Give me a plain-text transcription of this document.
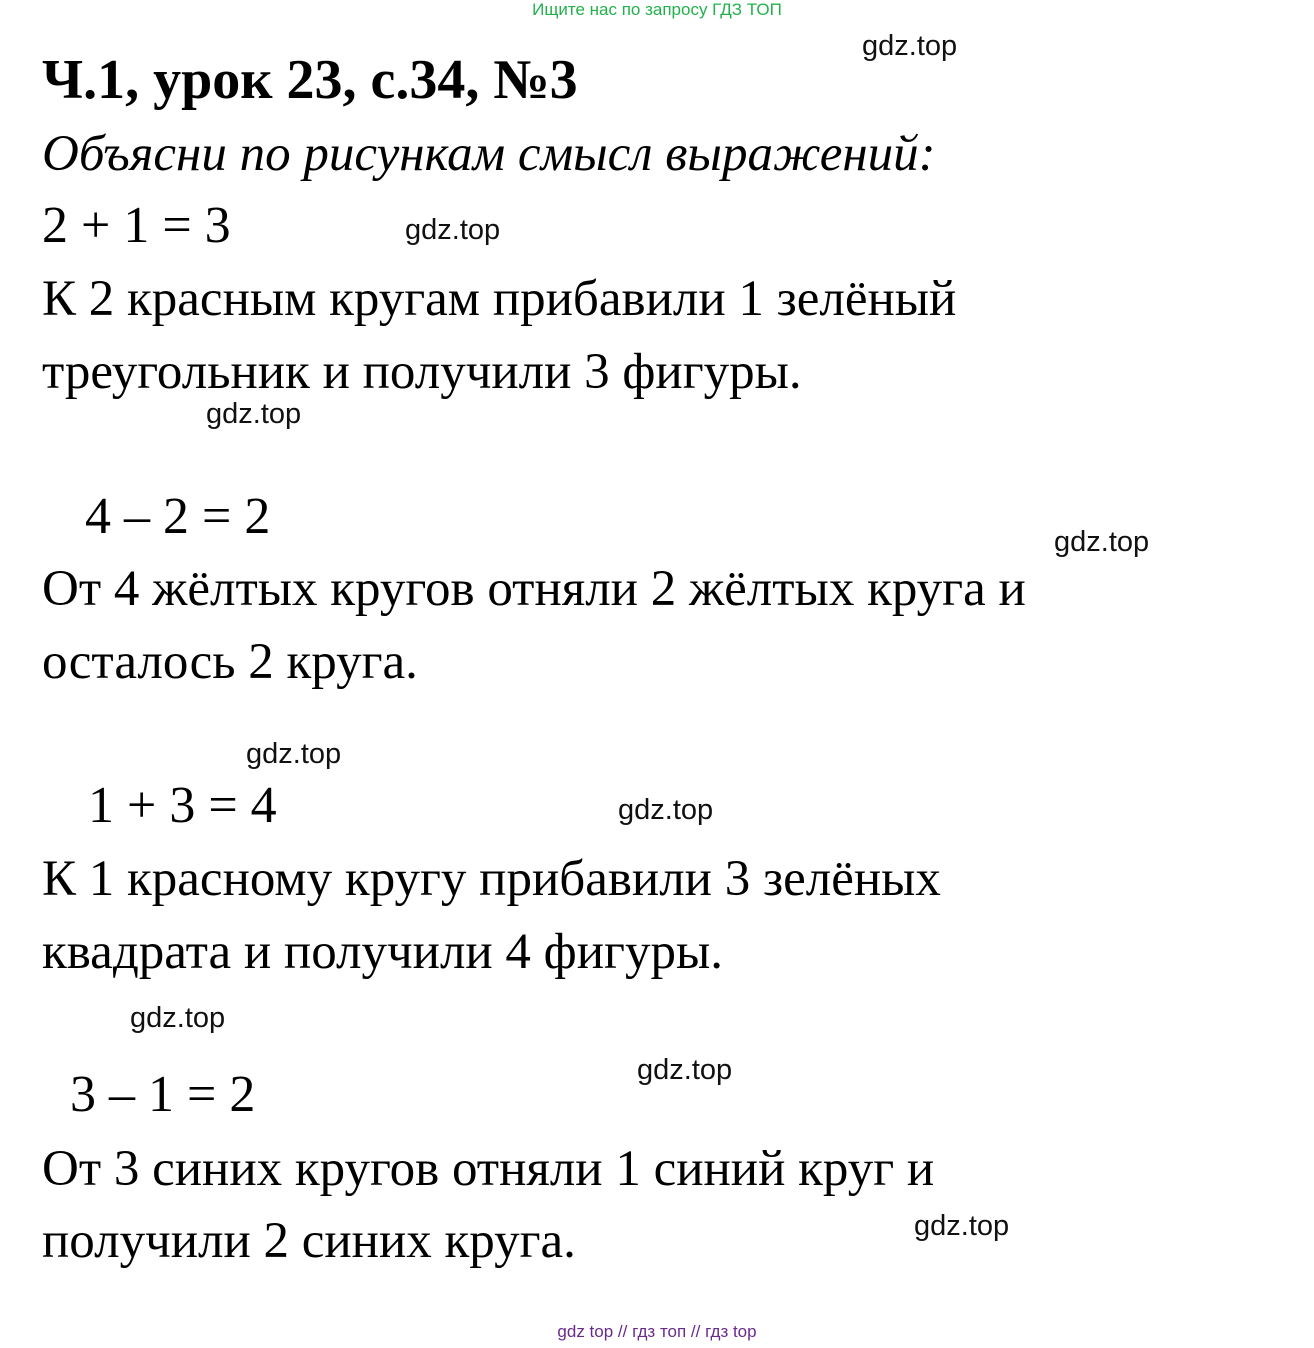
Ищите нас по запросу ГДЗ ТОП
Ч.1, урок 23, с.34, №3
Объясни по рисункам смысл выражений:
2 + 1 = 3
К 2 красным кругам прибавили 1 зелёный
треугольник и получили 3 фигуры.
4 – 2 = 2
От 4 жёлтых кругов отняли 2 жёлтых круга и
осталось 2 круга.
1 + 3 = 4
К 1 красному кругу прибавили 3 зелёных
квадрата и получили 4 фигуры.
3 – 1 = 2
От 3 синих кругов отняли 1 синий круг и
получили 2 синих круга.
gdz.top
gdz.top
gdz.top
gdz.top
gdz.top
gdz.top
gdz.top
gdz.top
gdz.top
gdz top // гдз топ // гдз top
